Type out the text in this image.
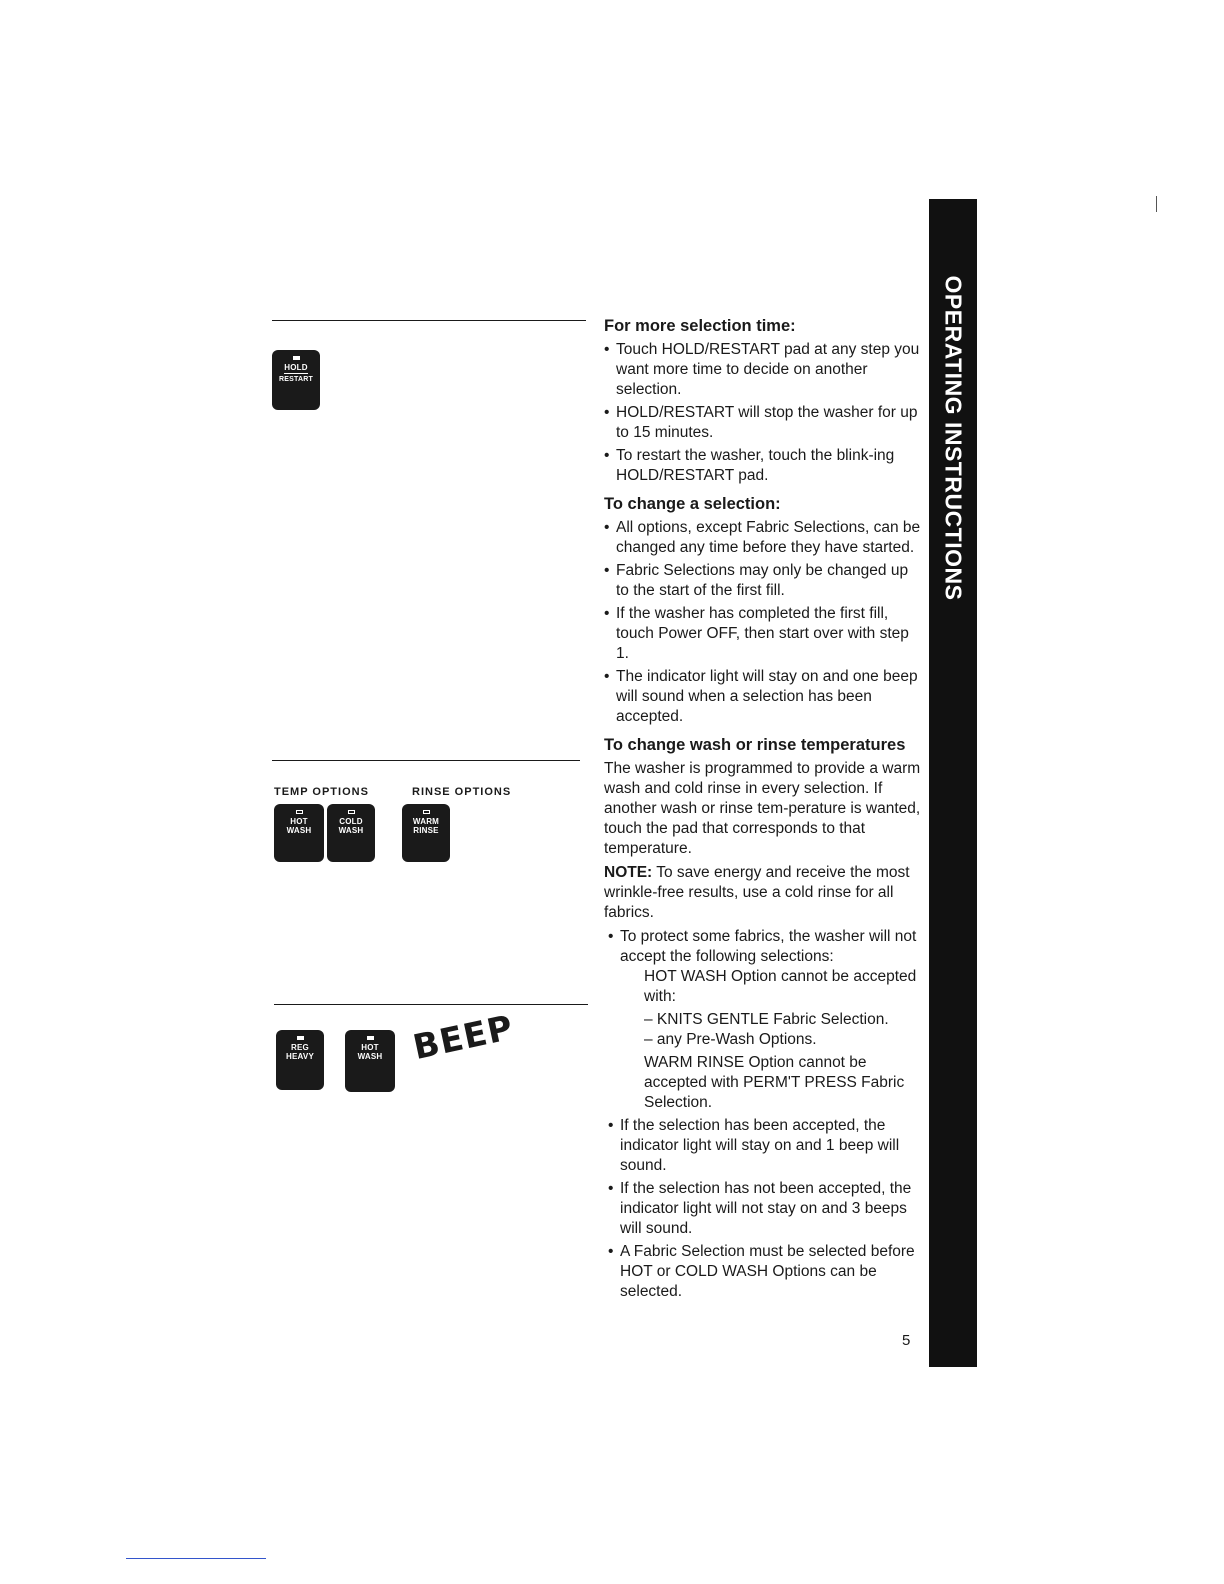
HOLD
RESTART
TEMP OPTIONS	RINSE OPTIONS
HOT
WASH
COLD
WASH
WARM
RINSE
REG
HEAVY
HOT
WASH BEEP
For more selection time:
• Touch HOLD/RESTART pad at any step you want more time to decide on another selection.
• HOLD/RESTART will stop the washer for up to 15 minutes.
• To restart the washer, touch the blink-ing HOLD/RESTART pad.
To change a selection:
• All options, except Fabric Selections, can be changed any time before they have started.
• Fabric Selections may only be changed up to the start of the first fill.
• If the washer has completed the first fill, touch Power OFF, then start over with step 1.
• The indicator light will stay on and one beep will sound when a selection has been accepted.
To change wash or rinse temperatures

The washer is programmed to provide a warm wash and cold rinse in every selection. If another wash or rinse tem-perature is wanted, touch the pad that corresponds to that temperature.

NOTE: To save energy and receive the most wrinkle-free results, use a cold rinse for all fabrics.

• To protect some fabrics, the washer will not accept the following selections:
HOT WASH Option cannot be accepted with:
– KNITS GENTLE Fabric Selection.
– any Pre-Wash Options.
WARM RINSE Option cannot be accepted with PERM'T PRESS Fabric Selection.
• If the selection has been accepted, the indicator light will stay on and 1 beep will sound.
• If the selection has not been accepted, the indicator light will not stay on and 3 beeps will sound.
• A Fabric Selection must be selected before HOT or COLD WASH Options can be selected.
5
OPERATING INSTRUCTIONS
